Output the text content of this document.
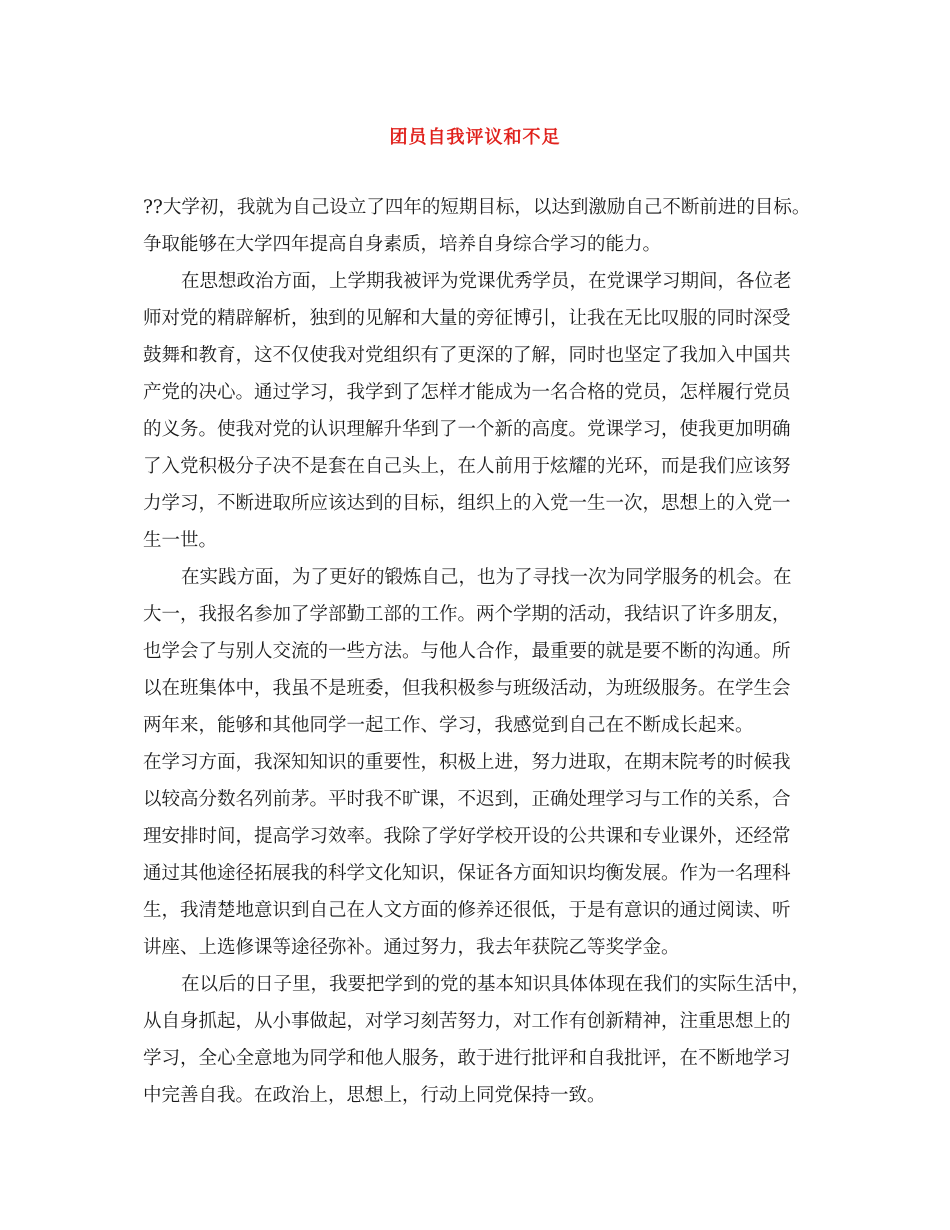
团员自我评议和不足
??大学初，我就为自己设立了四年的短期目标，以达到激励自己不断前进的目标。
争取能够在大学四年提高自身素质，培养自身综合学习的能力。
在思想政治方面，上学期我被评为党课优秀学员，在党课学习期间，各位老
师对党的精辟解析，独到的见解和大量的旁征博引，让我在无比叹服的同时深受
鼓舞和教育，这不仅使我对党组织有了更深的了解，同时也坚定了我加入中国共
产党的决心。通过学习，我学到了怎样才能成为一名合格的党员，怎样履行党员
的义务。使我对党的认识理解升华到了一个新的高度。党课学习，使我更加明确
了入党积极分子决不是套在自己头上，在人前用于炫耀的光环，而是我们应该努
力学习，不断进取所应该达到的目标，组织上的入党一生一次，思想上的入党一
生一世。
在实践方面，为了更好的锻炼自己，也为了寻找一次为同学服务的机会。在
大一，我报名参加了学部勤工部的工作。两个学期的活动，我结识了许多朋友，
也学会了与别人交流的一些方法。与他人合作，最重要的就是要不断的沟通。所
以在班集体中，我虽不是班委，但我积极参与班级活动，为班级服务。在学生会
两年来，能够和其他同学一起工作、学习，我感觉到自己在不断成长起来。
在学习方面，我深知知识的重要性，积极上进，努力进取，在期末院考的时候我
以较高分数名列前茅。平时我不旷课，不迟到，正确处理学习与工作的关系，合
理安排时间，提高学习效率。我除了学好学校开设的公共课和专业课外，还经常
通过其他途径拓展我的科学文化知识，保证各方面知识均衡发展。作为一名理科
生，我清楚地意识到自己在人文方面的修养还很低，于是有意识的通过阅读、听
讲座、上选修课等途径弥补。通过努力，我去年获院乙等奖学金。
在以后的日子里，我要把学到的党的基本知识具体体现在我们的实际生活中，
从自身抓起，从小事做起，对学习刻苦努力，对工作有创新精神，注重思想上的
学习，全心全意地为同学和他人服务，敢于进行批评和自我批评，在不断地学习
中完善自我。在政治上，思想上，行动上同党保持一致。
